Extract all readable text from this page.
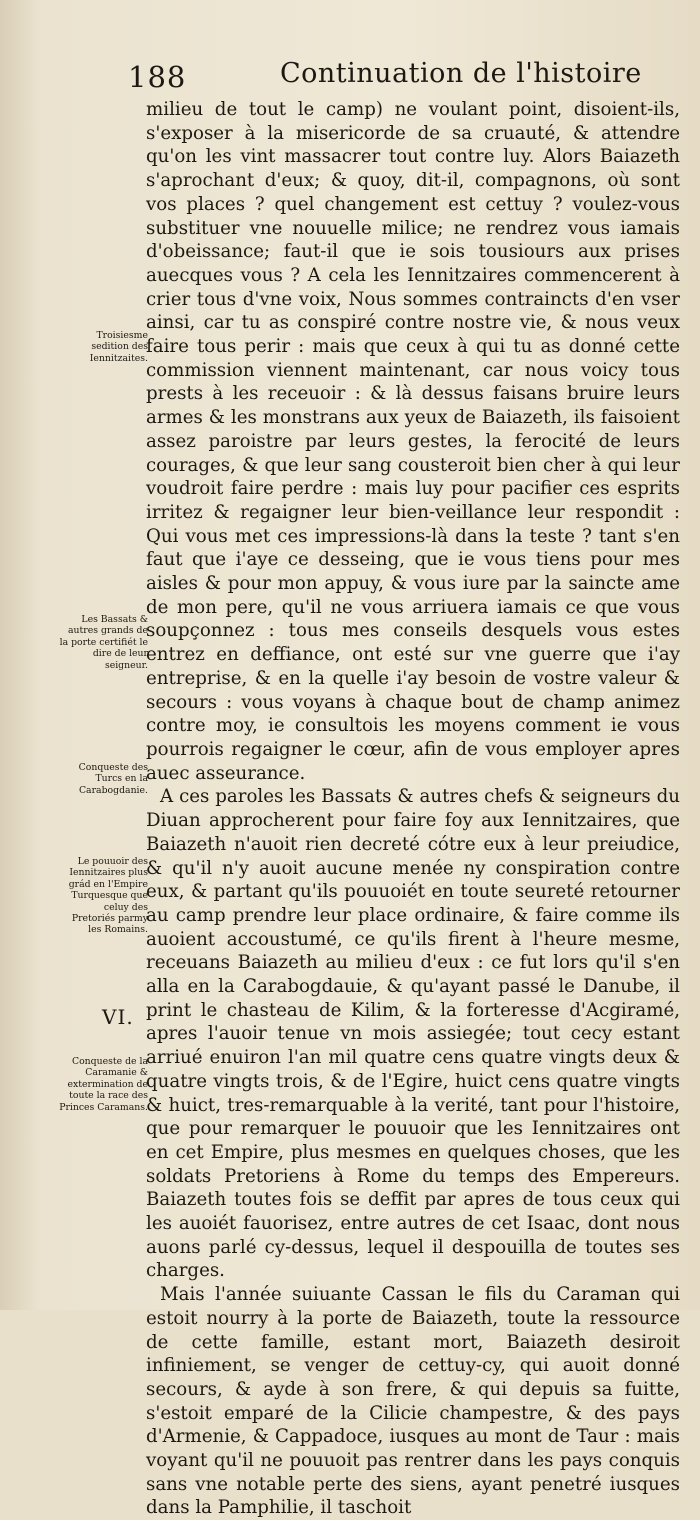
188	Continuation de l'histoire
Troisiesme sedition des Iennitzaites.
Les Bassats & autres grands de la porte certifiét le dire de leur seigneur.
Conqueste des Turcs en la Carabogdanie.
Le pouuoir des Iennitzaires plus grád en l'Empire Turquesque que celuy des Pretoriés parmy les Romains.
VI.
Conqueste de la Caramanie & extermination de toute la race des Princes Caramans.

milieu de tout le camp) ne voulant point, disoient-ils, s'exposer à la misericorde de sa cruauté, & attendre qu'on les vint massacrer tout contre luy. Alors Baiazeth s'aprochant d'eux; & quoy, dit-il, compagnons, où sont vos places ? quel changement est cettuy ? voulez-vous substituer vne nouuelle milice; ne rendrez vous iamais d'obeissance; faut-il que ie sois tousiours aux prises auecques vous ? A cela les Iennitzaires commencerent à crier tous d'vne voix, Nous sommes contraincts d'en vser ainsi, car tu as conspiré contre nostre vie, & nous veux faire tous perir : mais que ceux à qui tu as donné cette commission viennent maintenant, car nous voicy tous prests à les receuoir : & là dessus faisans bruire leurs armes & les monstrans aux yeux de Baiazeth, ils faisoient assez paroistre par leurs gestes, la ferocité de leurs courages, & que leur sang cousteroit bien cher à qui leur voudroit faire perdre : mais luy pour pacifier ces esprits irritez & regaigner leur bien-veillance leur respondit : Qui vous met ces impressions-là dans la teste ? tant s'en faut que i'aye ce desseing, que ie vous tiens pour mes aisles & pour mon appuy, & vous iure par la saincte ame de mon pere, qu'il ne vous arriuera iamais ce que vous soupçonnez : tous mes conseils desquels vous estes entrez en deffiance, ont esté sur vne guerre que i'ay entreprise, & en la quelle i'ay besoin de vostre valeur & secours : vous voyans à chaque bout de champ animez contre moy, ie consultois les moyens comment ie vous pourrois regaigner le cœur, afin de vous employer apres auec asseurance.

A ces paroles les Bassats & autres chefs & seigneurs du Diuan approcherent pour faire foy aux Iennitzaires, que Baiazeth n'auoit rien decreté cótre eux à leur preiudice, & qu'il n'y auoit aucune menée ny conspiration contre eux, & partant qu'ils pouuoiét en toute seureté retourner au camp prendre leur place ordinaire, & faire comme ils auoient accoustumé, ce qu'ils firent à l'heure mesme, receuans Baiazeth au milieu d'eux : ce fut lors qu'il s'en alla en la Carabogdauie, & qu'ayant passé le Danube, il print le chasteau de Kilim, & la forteresse d'Acgiramé, apres l'auoir tenue vn mois assiegée; tout cecy estant arriué enuiron l'an mil quatre cens quatre vingts deux & quatre vingts trois, & de l'Egire, huict cens quatre vingts & huict, tres-remarquable à la verité, tant pour l'histoire, que pour remarquer le pouuoir que les Iennitzaires ont en cet Empire, plus mesmes en quelques choses, que les soldats Pretoriens à Rome du temps des Empereurs. Baiazeth toutes fois se deffit par apres de tous ceux qui les auoiét fauorisez, entre autres de cet Isaac, dont nous auons parlé cy-dessus, lequel il despouilla de toutes ses charges.

Mais l'année suiuante Cassan le fils du Caraman qui estoit nourry à la porte de Baiazeth, toute la ressource de cette famille, estant mort, Baiazeth desiroit infiniement, se venger de cettuy-cy, qui auoit donné secours, & ayde à son frere, & qui depuis sa fuitte, s'estoit emparé de la Cilicie champestre, & des pays d'Armenie, & Cappadoce, iusques au mont de Taur : mais voyant qu'il ne pouuoit pas rentrer dans les pays conquis sans vne notable perte des siens, ayant penetré iusques dans la Pamphilie, il taschoit
